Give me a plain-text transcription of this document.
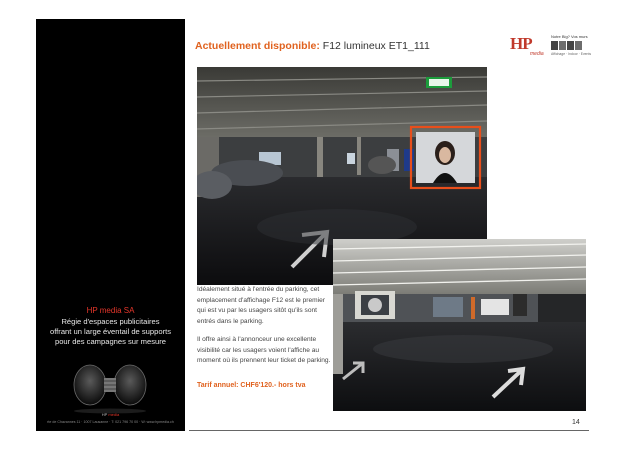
HP media SA
Régie d'espaces publicitaires
offrant un large éventail de supports
pour des campagnes sur mesure
HP media
rte de Chavannes 11 · 1007 Lausanne · T: 021 796 70 00 · W: www.hpmedia.ch
Actuellement disponible: F12 lumineux ET1_111	HP
media
Notre Big? Vos murs
Affichage · Indoor · Events

Idéalement situé à l'entrée du parking, cet emplacement d'affichage F12 est le premier qui est vu par les usagers sitôt qu'ils sont entrés dans le parking.

Il offre ainsi à l'annonceur une excellente visibilité car les usagers voient l'affiche au moment où ils prennent leur ticket de parking.

Tarif annuel: CHF6'120.- hors tva
14
